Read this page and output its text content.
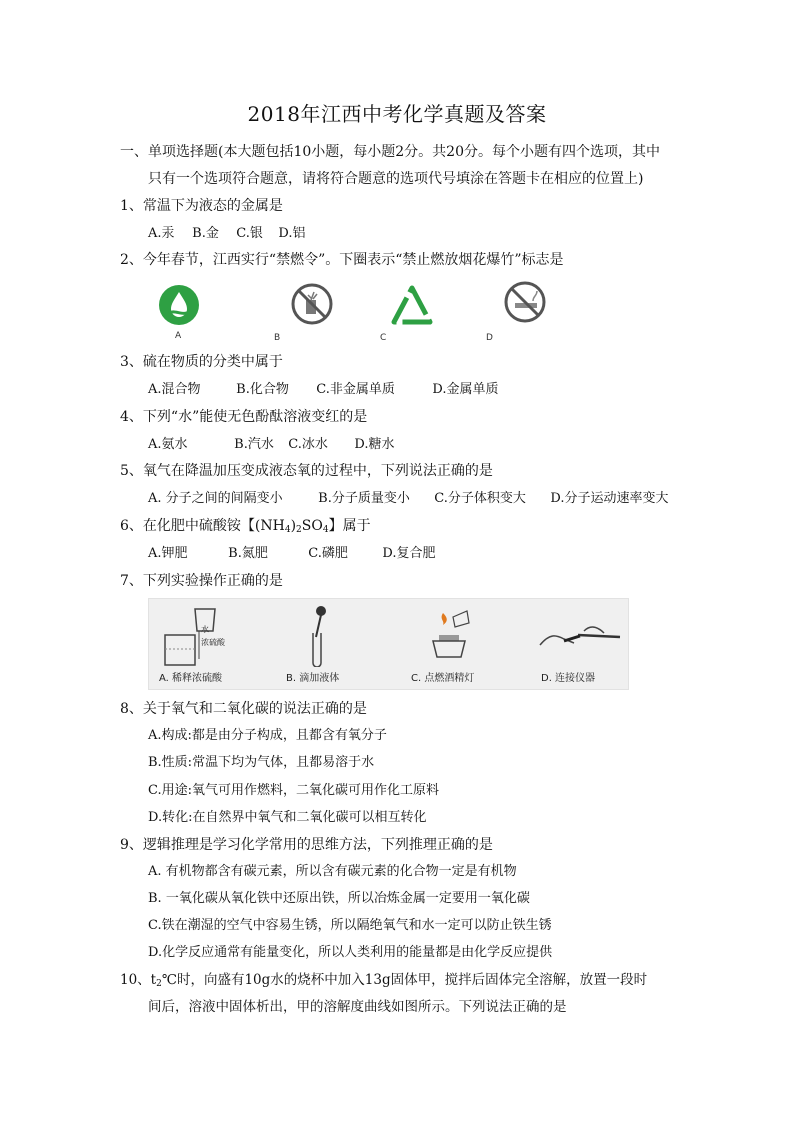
2018年江西中考化学真题及答案
一、单项选择题(本大题包括10小题，每小题2分。共20分。每个小题有四个选项，其中
只有一个选项符合题意，请将符合题意的选项代号填涂在答题卡在相应的位置上)
1、常温下为液态的金属是
A.汞 B.金 C.银 D.铝
2、今年春节，江西实行“禁燃令”。下圈表示“禁止燃放烟花爆竹”标志是
A	B	C	D
3、硫在物质的分类中属于
A.混合物	B.化合物 C.非金属单质	D.金属单质
4、下列“水”能使无色酚酞溶液变红的是
A.氨水	B.汽水 C.冰水 D.糖水
5、氧气在降温加压变成液态氧的过程中，下列说法正确的是
A. 分子之间的间隔变小	B.分子质量变小 C.分子体积变大 D.分子运动速率变大
6、在化肥中硫酸铵【$(NH_4)_2SO_4$】属于
A.钾肥	B.氮肥	C.磷肥	D.复合肥
7、下列实验操作正确的是
水
浓硫酸
A. 稀释浓硫酸	B. 滴加液体	C. 点燃酒精灯	D. 连接仪器
8、关于氧气和二氧化碳的说法正确的是
A.构成:都是由分子构成，且都含有氧分子
B.性质:常温下均为气体，且都易溶于水
C.用途:氧气可用作燃料，二氧化碳可用作化工原料
D.转化:在自然界中氧气和二氧化碳可以相互转化
9、逻辑推理是学习化学常用的思维方法，下列推理正确的是
A. 有机物都含有碳元素，所以含有碳元素的化合物一定是有机物
B. 一氧化碳从氧化铁中还原出铁，所以冶炼金属一定要用一氧化碳
C.铁在潮湿的空气中容易生锈，所以隔绝氧气和水一定可以防止铁生锈
D.化学反应通常有能量变化，所以人类利用的能量都是由化学反应提供
10、$t_2℃$时，向盛有10g水的烧杯中加入13g固体甲，搅拌后固体完全溶解，放置一段时
间后，溶液中固体析出，甲的溶解度曲线如图所示。下列说法正确的是
